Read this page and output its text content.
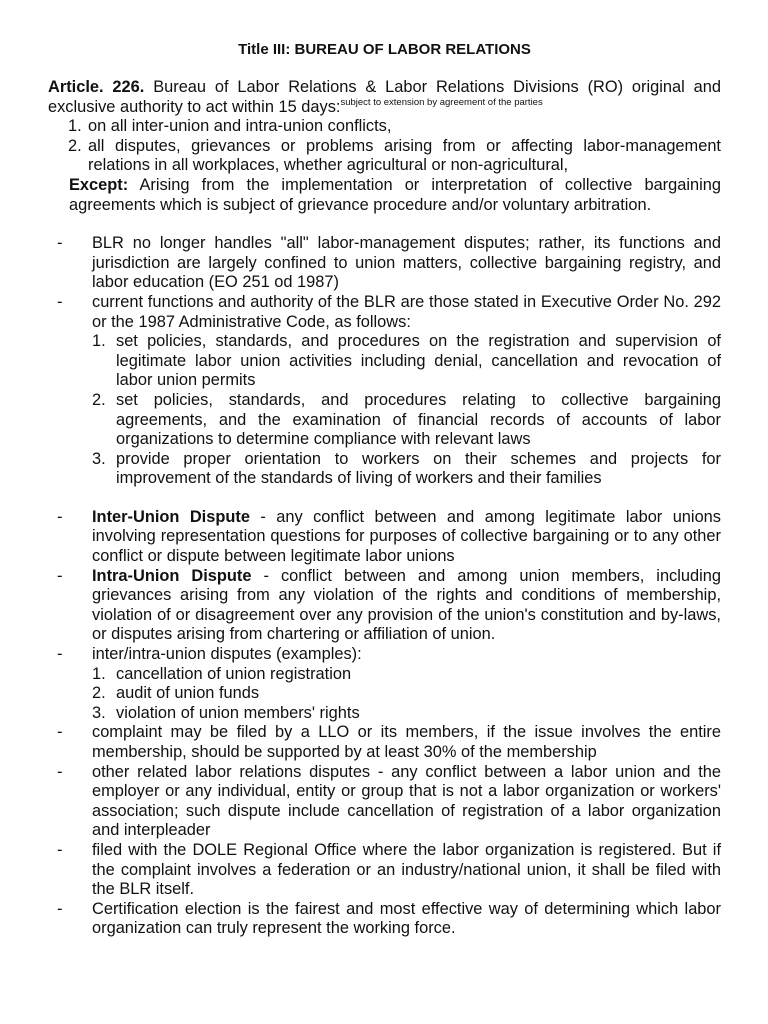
Title III: BUREAU OF LABOR RELATIONS
Article. 226. Bureau of Labor Relations & Labor Relations Divisions (RO) original and exclusive authority to act within 15 days:$^{subject to extension by agreement of the parties}$
1. on all inter-union and intra-union conflicts,
2. all disputes, grievances or problems arising from or affecting labor-management relations in all workplaces, whether agricultural or non-agricultural,
Except: Arising from the implementation or interpretation of collective bargaining agreements which is subject of grievance procedure and/or voluntary arbitration.
- BLR no longer handles "all" labor-management disputes; rather, its functions and jurisdiction are largely confined to union matters, collective bargaining registry, and labor education (EO 251 od 1987)
- current functions and authority of the BLR are those stated in Executive Order No. 292 or the 1987 Administrative Code, as follows:
1. set policies, standards, and procedures on the registration and supervision of legitimate labor union activities including denial, cancellation and revocation of labor union permits
2. set policies, standards, and procedures relating to collective bargaining agreements, and the examination of financial records of accounts of labor organizations to determine compliance with relevant laws
3. provide proper orientation to workers on their schemes and projects for improvement of the standards of living of workers and their families
- Inter-Union Dispute - any conflict between and among legitimate labor unions involving representation questions for purposes of collective bargaining or to any other conflict or dispute between legitimate labor unions
- Intra-Union Dispute - conflict between and among union members, including grievances arising from any violation of the rights and conditions of membership, violation of or disagreement over any provision of the union's constitution and by-laws, or disputes arising from chartering or affiliation of union.
- inter/intra-union disputes (examples):
1. cancellation of union registration
2. audit of union funds
3. violation of union members' rights
- complaint may be filed by a LLO or its members, if the issue involves the entire membership, should be supported by at least 30% of the membership
- other related labor relations disputes - any conflict between a labor union and the employer or any individual, entity or group that is not a labor organization or workers' association; such dispute include cancellation of registration of a labor organization and interpleader
- filed with the DOLE Regional Office where the labor organization is registered. But if the complaint involves a federation or an industry/national union, it shall be filed with the BLR itself.
- Certification election is the fairest and most effective way of determining which labor organization can truly represent the working force.
